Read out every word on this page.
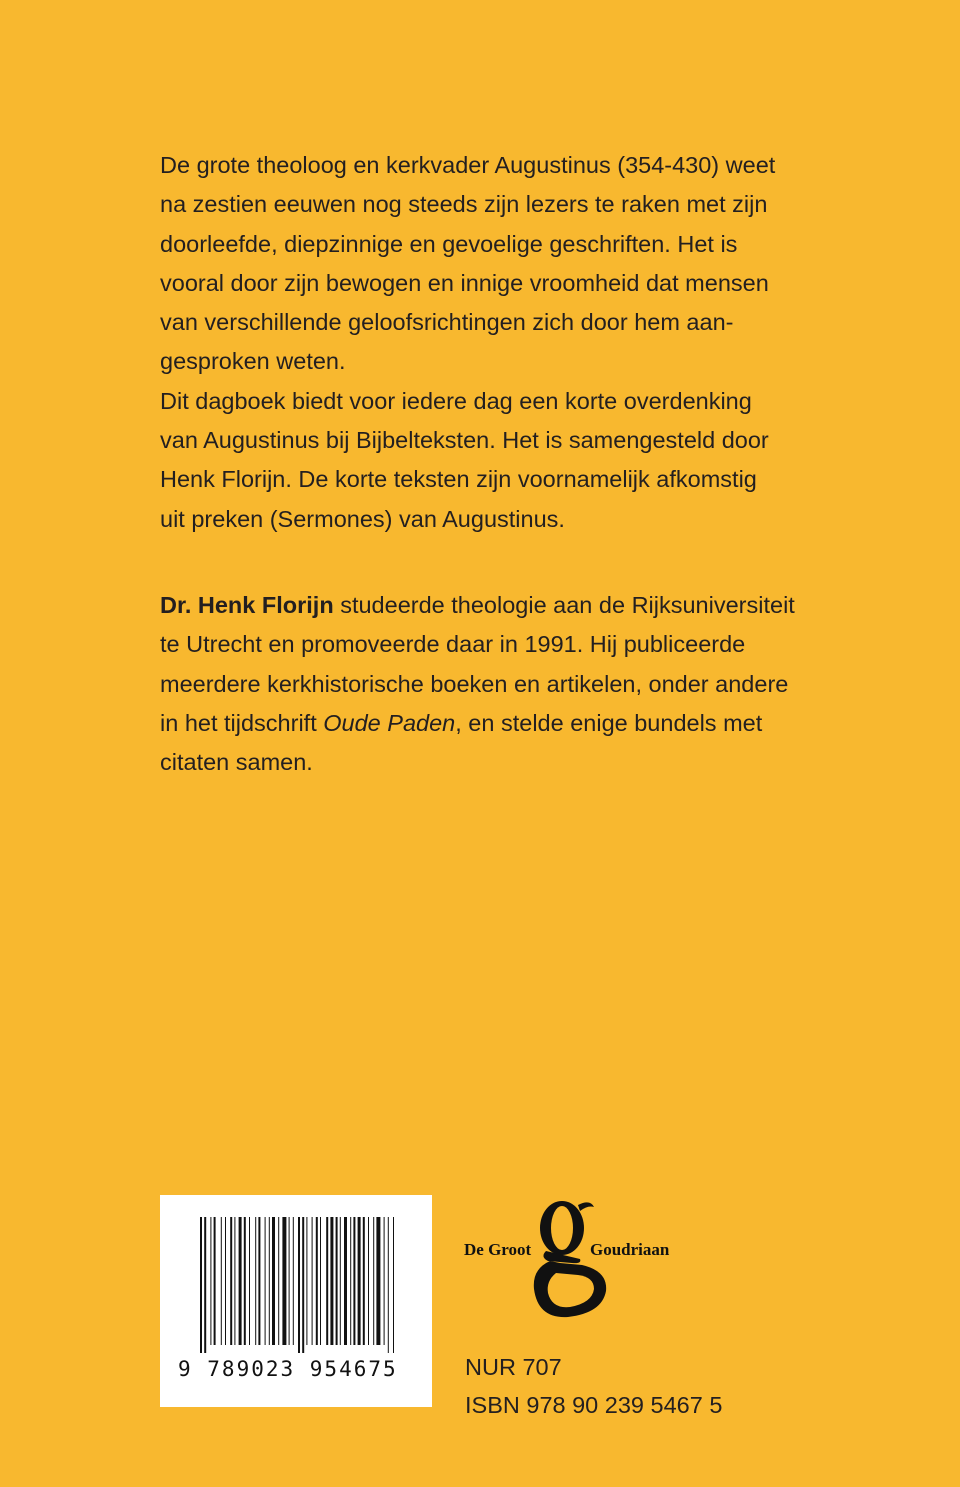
De grote theoloog en kerkvader Augustinus (354-430) weet
na zestien eeuwen nog steeds zijn lezers te raken met zijn
doorleefde, diepzinnige en gevoelige geschriften. Het is
vooral door zijn bewogen en innige vroomheid dat mensen
van verschillende geloofsrichtingen zich door hem aan-
gesproken weten.
Dit dagboek biedt voor iedere dag een korte overdenking
van Augustinus bij Bijbelteksten. Het is samengesteld door
Henk Florijn. De korte teksten zijn voornamelijk afkomstig
uit preken (Sermones) van Augustinus.

Dr. Henk Florijn studeerde theologie aan de Rijksuniversiteit
te Utrecht en promoveerde daar in 1991. Hij publiceerde
meerdere kerkhistorische boeken en artikelen, onder andere
in het tijdschrift Oude Paden, en stelde enige bundels met
citaten samen.

9 789023 954675
De Groot	Goudriaan
NUR 707
ISBN 978 90 239 5467 5
